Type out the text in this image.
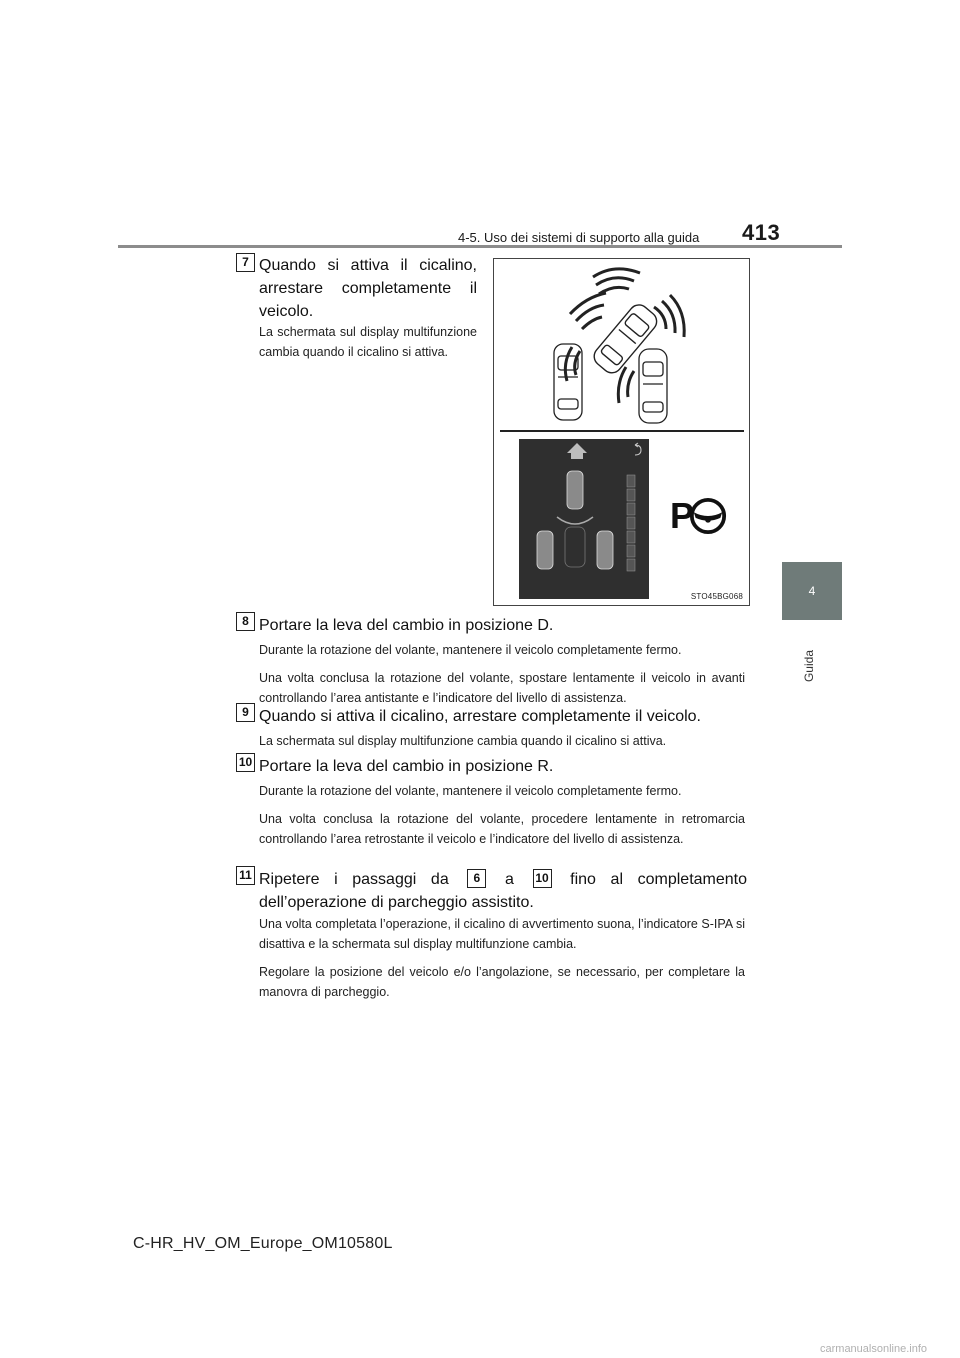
4-5. Uso dei sistemi di supporto alla guida 413
4
Guida
7 Quando si attiva il cicalino, arrestare completamente il veicolo.

La schermata sul display multifunzione cambia quando il cicalino si attiva.

P
STO45BG068
8 Portare la leva del cambio in posizione D.

Durante la rotazione del volante, mantenere il veicolo completamente fermo.

Una volta conclusa la rotazione del volante, spostare lentamente il veicolo in avanti controllando l’area antistante e l’indicatore del livello di assistenza.

9 Quando si attiva il cicalino, arrestare completamente il veicolo.

La schermata sul display multifunzione cambia quando il cicalino si attiva.

10 Portare la leva del cambio in posizione R.

Durante la rotazione del volante, mantenere il veicolo completamente fermo.

Una volta conclusa la rotazione del volante, procedere lentamente in retromarcia controllando l’area retrostante il veicolo e l’indicatore del livello di assistenza.

11 Ripetere i passaggi da 6 a 10 fino al completamento dell’operazione di parcheggio assistito.

Una volta completata l’operazione, il cicalino di avvertimento suona, l’indicatore S-IPA si disattiva e la schermata sul display multifunzione cambia.

Regolare la posizione del veicolo e/o l’angolazione, se necessario, per completare la manovra di parcheggio.

C-HR_HV_OM_Europe_OM10580L
carmanualsonline.info
